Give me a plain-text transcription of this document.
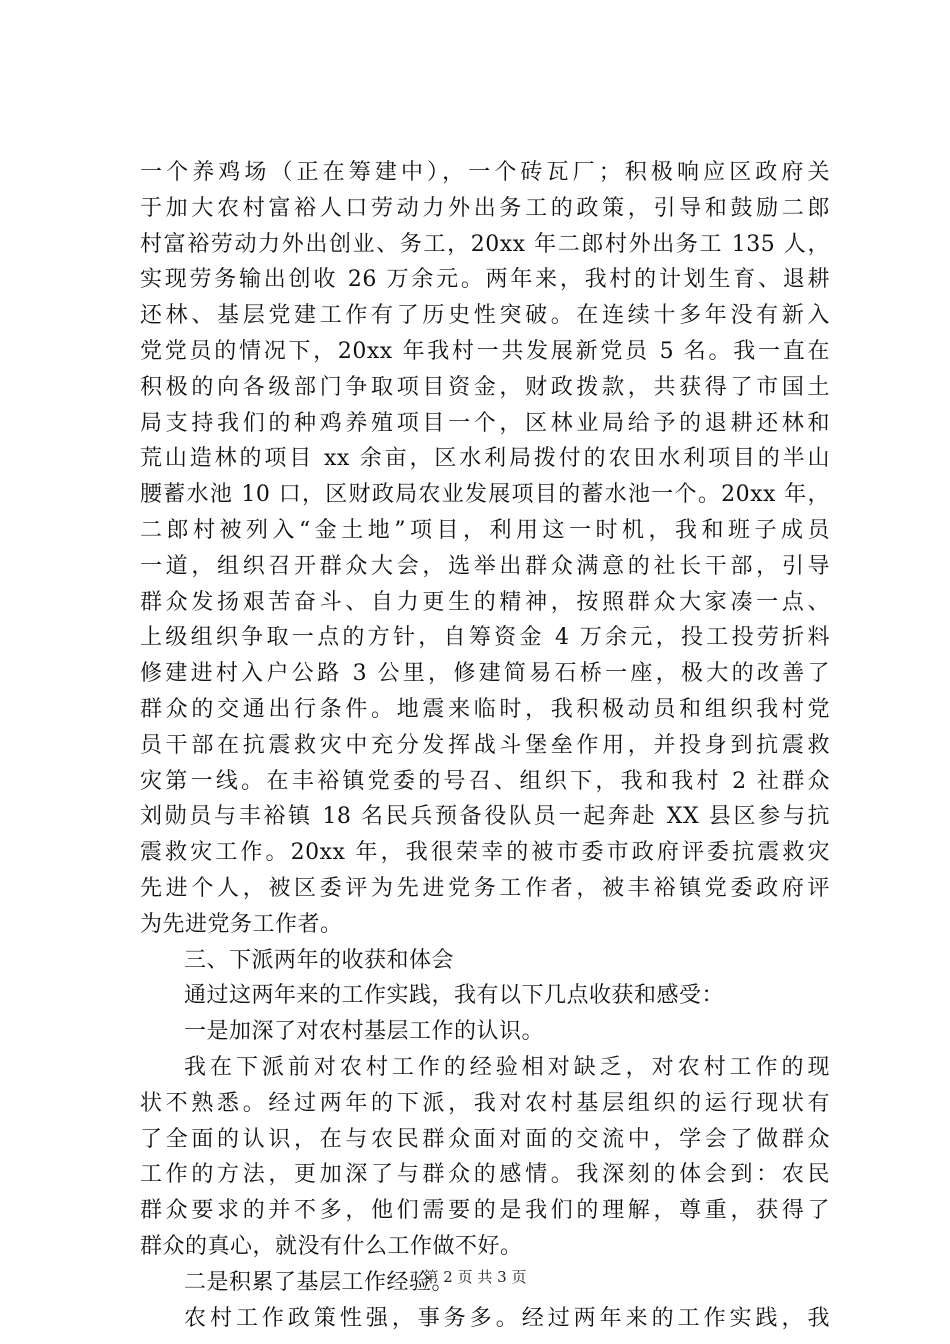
一个养鸡场（正在筹建中），一个砖瓦厂；积极响应区政府关
于加大农村富裕人口劳动力外出务工的政策，引导和鼓励二郎
村富裕劳动力外出创业、务工，20xx 年二郎村外出务工 135 人，
实现劳务输出创收 26 万余元。两年来，我村的计划生育、退耕
还林、基层党建工作有了历史性突破。在连续十多年没有新入
党党员的情况下，20xx 年我村一共发展新党员 5 名。我一直在
积极的向各级部门争取项目资金，财政拨款，共获得了市国土
局支持我们的种鸡养殖项目一个，区林业局给予的退耕还林和
荒山造林的项目 xx 余亩，区水利局拨付的农田水利项目的半山
腰蓄水池 10 口，区财政局农业发展项目的蓄水池一个。20xx 年，
二郎村被列入“金土地”项目，利用这一时机，我和班子成员
一道，组织召开群众大会，选举出群众满意的社长干部，引导
群众发扬艰苦奋斗、自力更生的精神，按照群众大家凑一点、
上级组织争取一点的方针，自筹资金 4 万余元，投工投劳折料
修建进村入户公路 3 公里，修建简易石桥一座，极大的改善了
群众的交通出行条件。地震来临时，我积极动员和组织我村党
员干部在抗震救灾中充分发挥战斗堡垒作用，并投身到抗震救
灾第一线。在丰裕镇党委的号召、组织下，我和我村 2 社群众
刘勋员与丰裕镇 18 名民兵预备役队员一起奔赴 XX 县区参与抗
震救灾工作。20xx 年，我很荣幸的被市委市政府评委抗震救灾
先进个人，被区委评为先进党务工作者，被丰裕镇党委政府评
为先进党务工作者。
三、下派两年的收获和体会
通过这两年来的工作实践，我有以下几点收获和感受：
一是加深了对农村基层工作的认识。
我在下派前对农村工作的经验相对缺乏，对农村工作的现
状不熟悉。经过两年的下派，我对农村基层组织的运行现状有
了全面的认识，在与农民群众面对面的交流中，学会了做群众
工作的方法，更加深了与群众的感情。我深刻的体会到：农民
群众要求的并不多，他们需要的是我们的理解，尊重，获得了
群众的真心，就没有什么工作做不好。
二是积累了基层工作经验。
农村工作政策性强，事务多。经过两年来的工作实践，我
第 2 页 共 3 页
